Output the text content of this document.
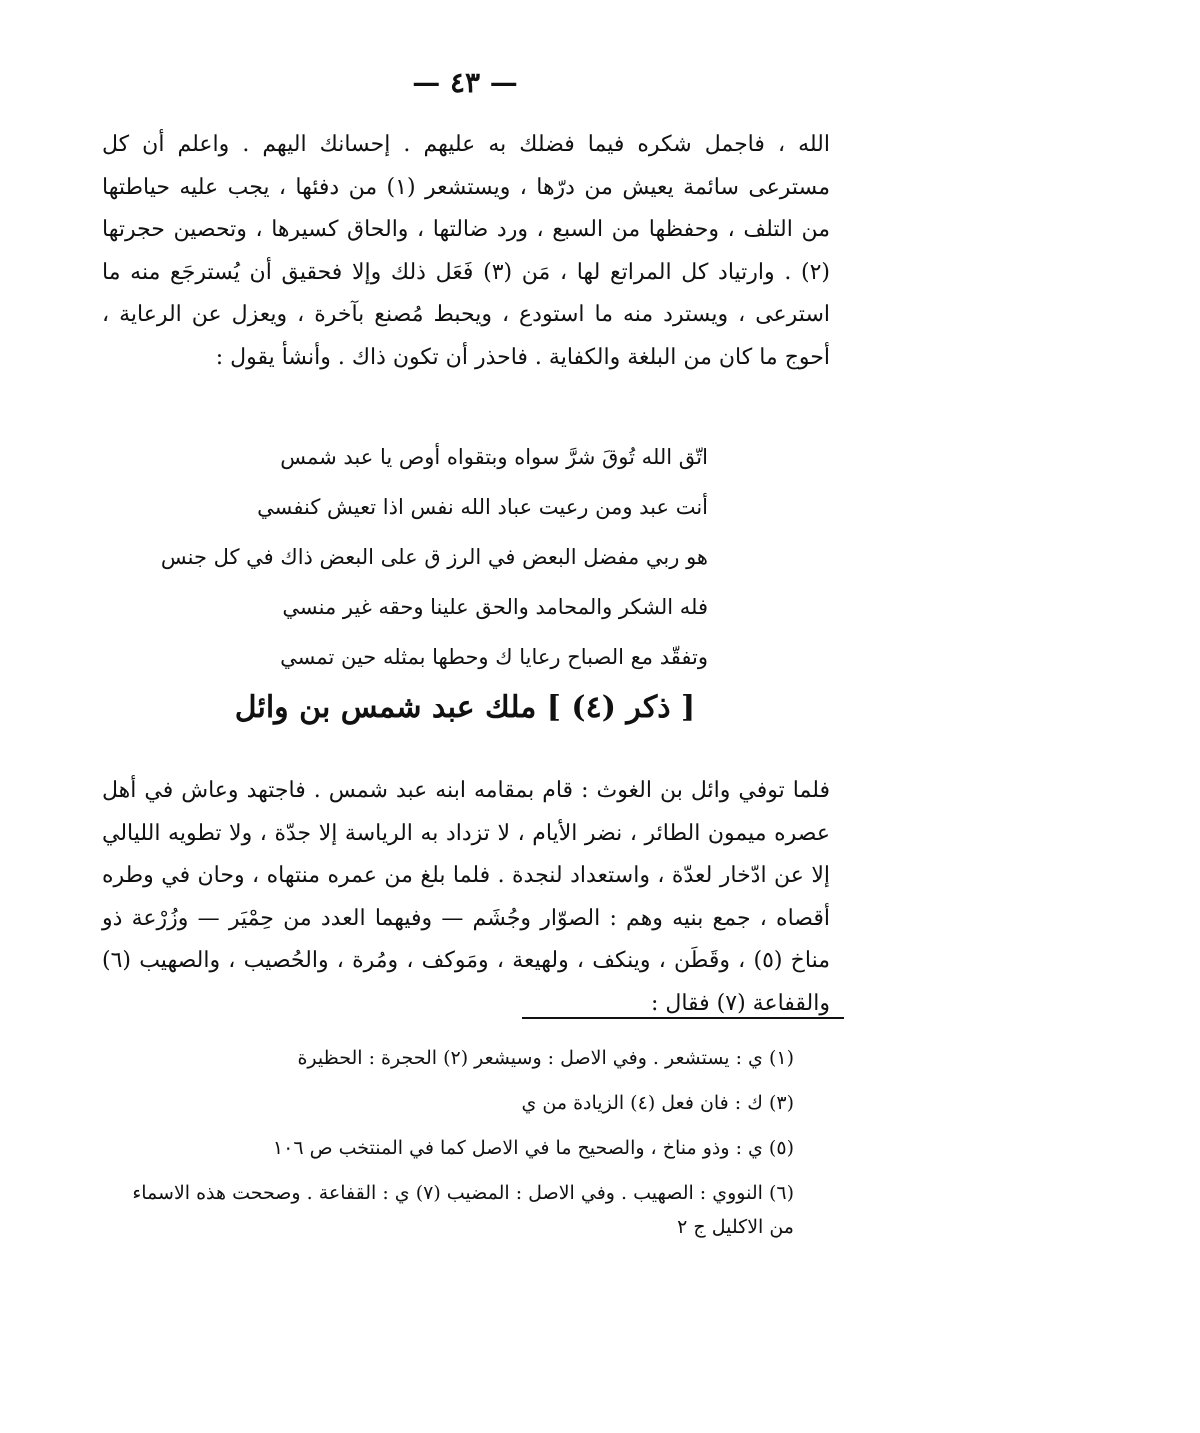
— ٤٣ —

الله ، فاجمل شكره فيما فضلك به عليهم . إحسانك اليهم . واعلم أن كل مسترعى سائمة يعيش من درّها ، ويستشعر (١) من دفئها ، يجب عليه حياطتها من التلف ، وحفظها من السبع ، ورد ضالتها ، والحاق كسيرها ، وتحصين حجرتها (٢) . وارتياد كل المراتع لها ، مَن (٣) فَعَل ذلك وإلا فحقيق أن يُسترجَع منه ما استرعى ، ويسترد منه ما استودع ، ويحبط مُصنع بآخرة ، ويعزل عن الرعاية ، أحوج ما كان من البلغة والكفاية . فاحذر أن تكون ذاك . وأنشأ يقول :

اتّق الله تُوقَ شرَّ سواه وبتقواه أوص يا عبد شمس
أنت عبد ومن رعيت عباد الله نفس اذا تعيش كنفسي
هو ربي مفضل البعض في الرز ق على البعض ذاك في كل جنس
فله الشكر والمحامد والحق علينا وحقه غير منسي
وتفقّد مع الصباح رعايا ك وحطها بمثله حين تمسي
[ ذكر (٤) ] ملك عبد شمس بن وائل

فلما توفي وائل بن الغوث : قام بمقامه ابنه عبد شمس . فاجتهد وعاش في أهل عصره ميمون الطائر ، نضر الأيام ، لا تزداد به الرياسة إلا جدّة ، ولا تطويه الليالي إلا عن ادّخار لعدّة ، واستعداد لنجدة . فلما بلغ من عمره منتهاه ، وحان في وطره أقصاه ، جمع بنيه وهم : الصوّار وجُشَم — وفيهما العدد من حِمْيَر — وزُرْعة ذو مناخ (٥) ، وقَطَن ، وينكف ، ولهيعة ، ومَوكف ، ومُرة ، والحُصيب ، والصهيب (٦) والقفاعة (٧) فقال :

(١) ي : يستشعر . وفي الاصل : وسيشعر (٢) الحجرة : الحظيرة

(٣) ك : فان فعل (٤) الزيادة من ي

(٥) ي : وذو مناخ ، والصحيح ما في الاصل كما في المنتخب ص ١٠٦

(٦) النووي : الصهيب . وفي الاصل : المضيب (٧) ي : القفاعة . وصححت هذه الاسماء من الاكليل ج ٢
